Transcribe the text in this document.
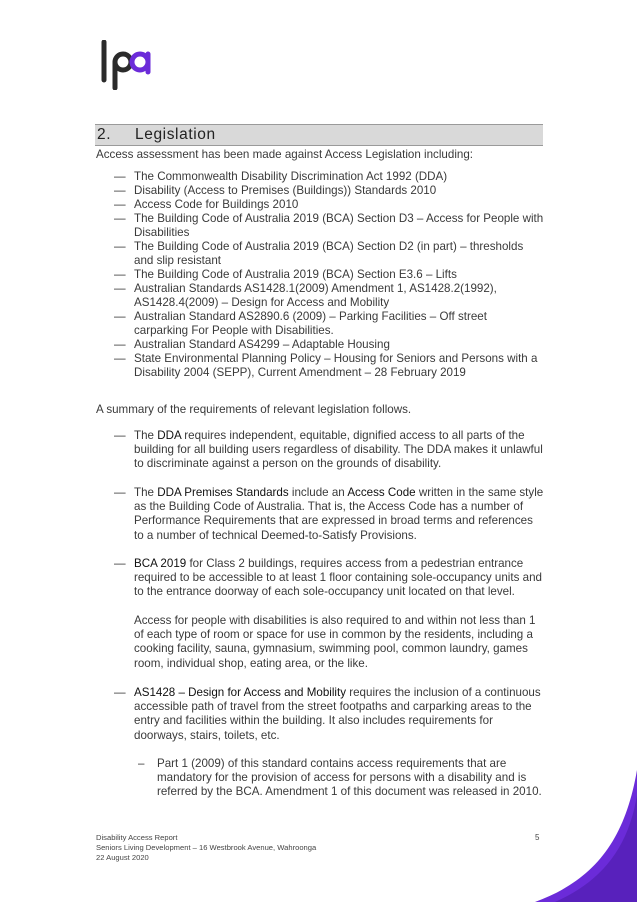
2.	Legislation

Access assessment has been made against Access Legislation including:

— The Commonwealth Disability Discrimination Act 1992 (DDA)
— Disability (Access to Premises (Buildings)) Standards 2010
— Access Code for Buildings 2010
— The Building Code of Australia 2019 (BCA) Section D3 – Access for People with Disabilities
— The Building Code of Australia 2019 (BCA) Section D2 (in part) – thresholds and slip resistant
— The Building Code of Australia 2019 (BCA) Section E3.6 – Lifts
— Australian Standards AS1428.1(2009) Amendment 1, AS1428.2(1992), AS1428.4(2009) – Design for Access and Mobility
— Australian Standard AS2890.6 (2009) – Parking Facilities – Off street carparking For People with Disabilities.
— Australian Standard AS4299 – Adaptable Housing
— State Environmental Planning Policy – Housing for Seniors and Persons with a Disability 2004 (SEPP), Current Amendment – 28 February 2019

A summary of the requirements of relevant legislation follows.

— The DDA requires independent, equitable, dignified access to all parts of the building for all building users regardless of disability. The DDA makes it unlawful to discriminate against a person on the grounds of disability.
— The DDA Premises Standards include an Access Code written in the same style as the Building Code of Australia. That is, the Access Code has a number of Performance Requirements that are expressed in broad terms and references to a number of technical Deemed-to-Satisfy Provisions.
— BCA 2019 for Class 2 buildings, requires access from a pedestrian entrance required to be accessible to at least 1 floor containing sole-occupancy units and to the entrance doorway of each sole-occupancy unit located on that level.

Access for people with disabilities is also required to and within not less than 1 of each type of room or space for use in common by the residents, including a cooking facility, sauna, gymnasium, swimming pool, common laundry, games room, individual shop, eating area, or the like.

— AS1428 – Design for Access and Mobility requires the inclusion of a continuous accessible path of travel from the street footpaths and carparking areas to the entry and facilities within the building. It also includes requirements for doorways, stairs, toilets, etc.
–	Part 1 (2009) of this standard contains access requirements that are mandatory for the provision of access for persons with a disability and is referred by the BCA. Amendment 1 of this document was released in 2010.
Disability Access Report
Seniors Living Development – 16 Westbrook Avenue, Wahroonga
22 August 2020
5
